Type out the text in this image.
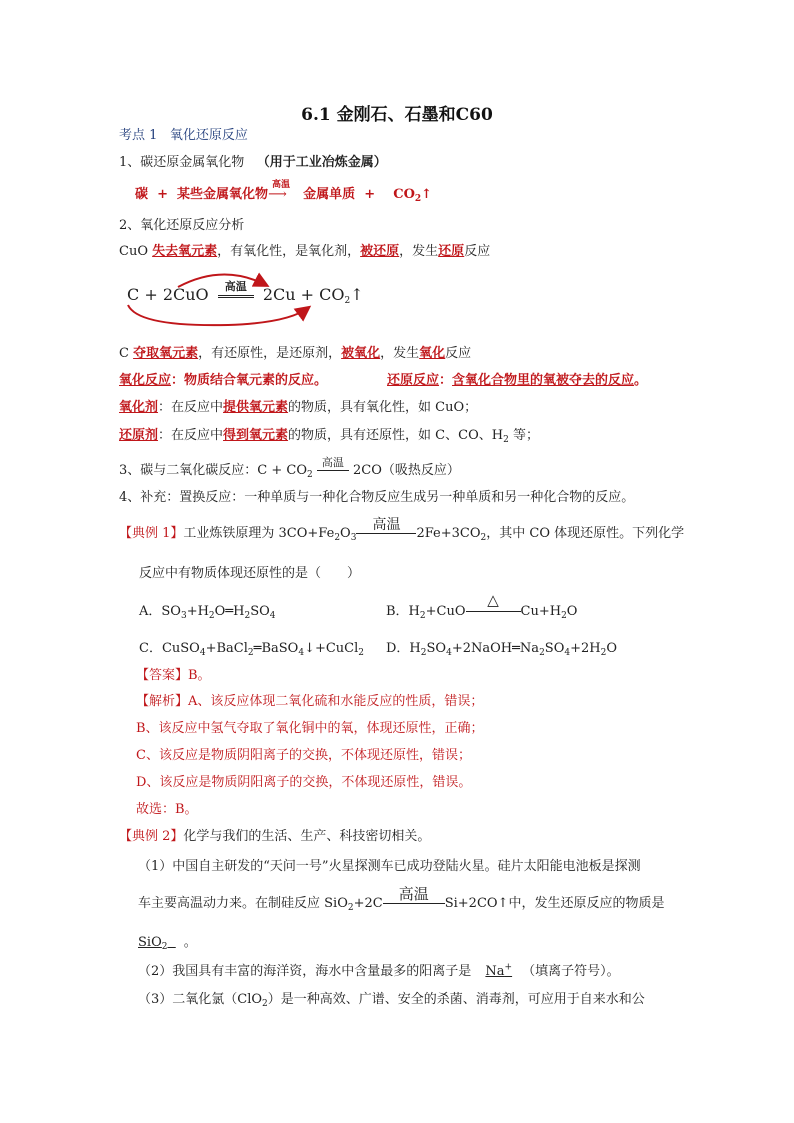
6.1 金刚石、石墨和C60
考点 1 氧化还原反应
1、碳还原金属氧化物 （用于工业冶炼金属）
碳 + 某些金属氧化物
高温
⟶ 金属单质 + $CO_2↑$
2、氧化还原反应分析
CuO 失去氧元素，有氧化性，是氧化剂，被还原，发生还原反应
C + 2CuO 高温 $2Cu + CO_2↑$
C 夺取氧元素，有还原性，是还原剂，被氧化，发生氧化反应
氧化反应：物质结合氧元素的反应。	还原反应：含氧化合物里的氧被夺去的反应。
氧化剂：在反应中提供氧元素的物质，具有氧化性，如 CuO；
还原剂：在反应中得到氧元素的物质，具有还原性，如 C、CO、$H_2$ 等；
3、碳与二氧化碳反应：$C + CO_2$
高温
2CO（吸热反应）
4、补充：置换反应：一种单质与一种化合物反应生成另一种单质和另一种化合物的反应。
【典例 1】工业炼铁原理为 $3CO+Fe_2O_3$
高温
$2Fe+3CO_2$，其中 CO 体现还原性。下列化学
反应中有物质体现还原性的是（　　）
A．$SO_3+H_2O═H_2SO_4$	B．$H_2+CuO$
△
$Cu+H_2O$
C．CuSO$_4$+BaCl$_2$═BaSO$_4$↓+CuCl$_2$ D．$H_2SO_4+2NaOH═Na_2SO_4+2H_2O$
【答案】B。
【解析】A、该反应体现二氧化硫和水能反应的性质，错误；
B、该反应中氢气夺取了氧化铜中的氧，体现还原性，正确；
C、该反应是物质阴阳离子的交换，不体现还原性，错误；
D、该反应是物质阴阳离子的交换，不体现还原性，错误。
故选：B。
【典例 2】化学与我们的生活、生产、科技密切相关。
（1）中国自主研发的“天问一号”火星探测车已成功登陆火星。硅片太阳能电池板是探测
车主要高温动力来。在制硅反应 SiO$_2$+2C
高温
Si+2CO↑中，发生还原反应的物质是
SiO$_2$ 。
（2）我国具有丰富的海洋资，海水中含量最多的阳离子是 Na+ （填离子符号）。
（3）二氧化氯（ClO$_2$）是一种高效、广谱、安全的杀菌、消毒剂，可应用于自来水和公
